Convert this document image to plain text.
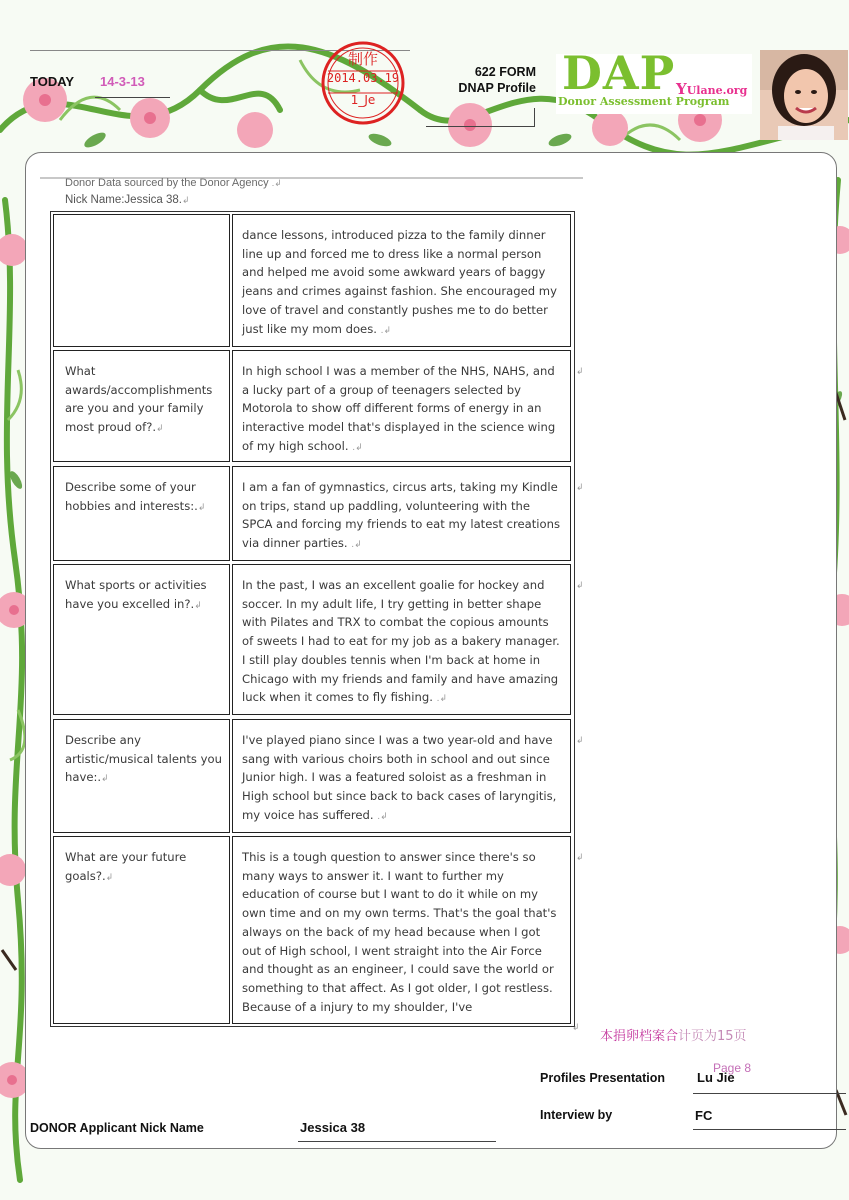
TODAY 14-3-13
制作
2014.03.19
1_Je
622 FORM
DNAP Profile DAP YUlane.org
Donor Assessment Program
Donor Data sourced by the Donor Agency .↲
Nick Name:Jessica 38.↲
dance lessons, introduced pizza to the family dinner line up and forced me to dress like a normal person and helped me avoid some awkward years of baggy jeans and crimes against fashion. She encouraged my love of travel and constantly pushes me to do better just like my mom does. .↲
What awards/accomplishments are you and your family most proud of?.↲
In high school I was a member of the NHS, NAHS, and a lucky part of a group of teenagers selected by Motorola to show off different forms of energy in an interactive model that's displayed in the science wing of my high school. .↲
↲
Describe some of your hobbies and interests:.↲
I am a fan of gymnastics, circus arts, taking my Kindle on trips, stand up paddling, volunteering with the SPCA and forcing my friends to eat my latest creations via dinner parties. .↲
↲
What sports or activities have you excelled in?.↲
In the past, I was an excellent goalie for hockey and soccer. In my adult life, I try getting in better shape with Pilates and TRX to combat the copious amounts of sweets I had to eat for my job as a bakery manager. I still play doubles tennis when I'm back at home in Chicago with my friends and family and have amazing luck when it comes to fly fishing. .↲
↲
Describe any artistic/musical talents you have:.↲
I've played piano since I was a two year-old and have sang with various choirs both in school and out since Junior high. I was a featured soloist as a freshman in High school but since back to back cases of laryngitis, my voice has suffered. .↲
↲
What are your future goals?.↲
This is a tough question to answer since there's so many ways to answer it. I want to further my education of course but I want to do it while on my own time and on my own terms. That's the goal that's always on the back of my head because when I got out of High school, I went straight into the Air Force and thought as an engineer, I could save the world or something to that affect. As I got older, I got restless. Because of a injury to my shoulder, I've
↲
↲
本捐卵档案合计页为15页
Page 8
Profiles Presentation Lu Jie
Interview by	FC
DONOR Applicant Nick Name	Jessica 38
